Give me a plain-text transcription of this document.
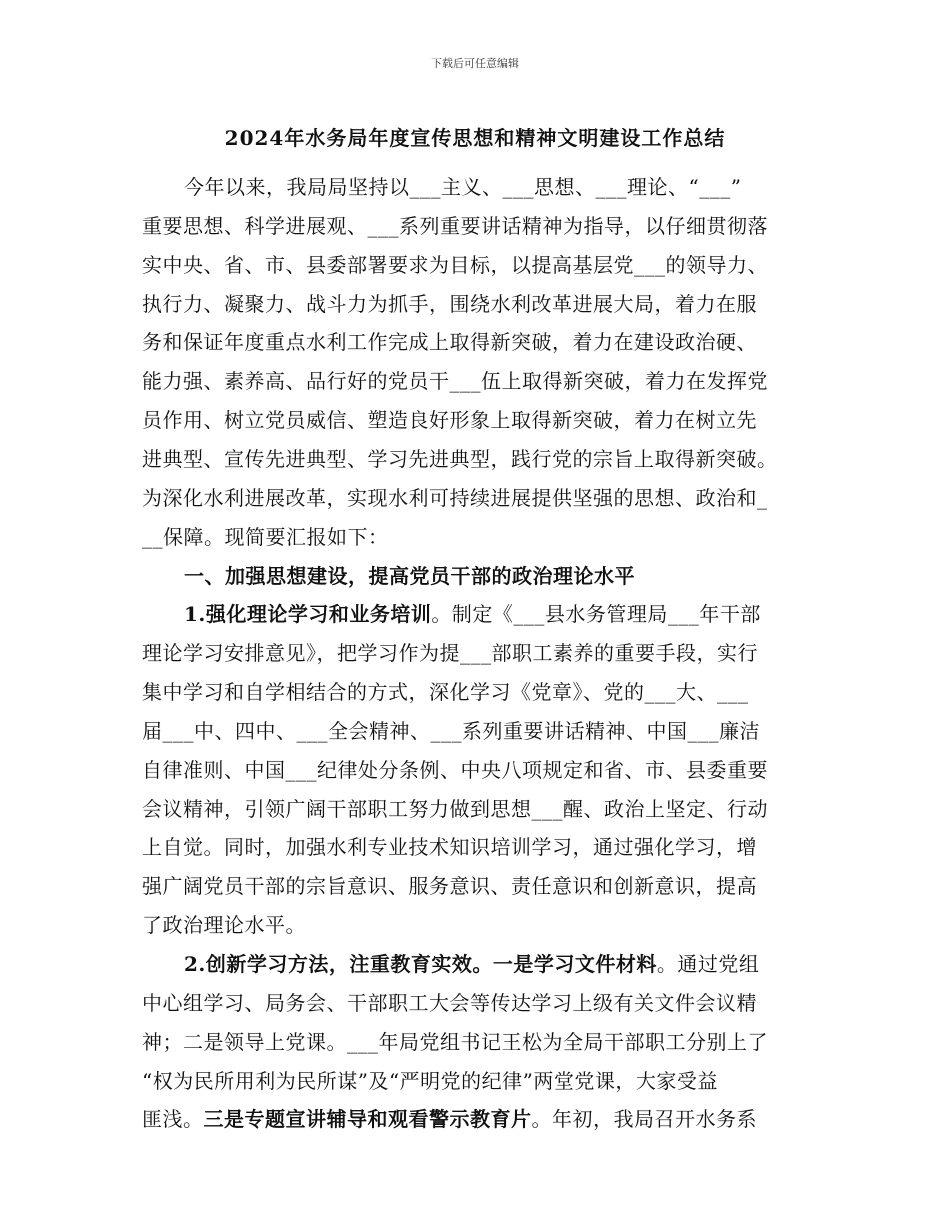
下载后可任意编辑
2024年水务局年度宣传思想和精神文明建设工作总结
今年以来，我局局坚持以___主义、___思想、___理论、“___”
重要思想、科学进展观、___系列重要讲话精神为指导，以仔细贯彻落
实中央、省、市、县委部署要求为目标，以提高基层党___的领导力、
执行力、凝聚力、战斗力为抓手，围绕水利改革进展大局，着力在服
务和保证年度重点水利工作完成上取得新突破，着力在建设政治硬、
能力强、素养高、品行好的党员干___伍上取得新突破，着力在发挥党
员作用、树立党员威信、塑造良好形象上取得新突破，着力在树立先
进典型、宣传先进典型、学习先进典型，践行党的宗旨上取得新突破。
为深化水利进展改革，实现水利可持续进展提供坚强的思想、政治和_
__保障。现简要汇报如下：
一、加强思想建设，提高党员干部的政治理论水平
1.强化理论学习和业务培训。制定《___县水务管理局___年干部
理论学习安排意见》，把学习作为提___部职工素养的重要手段，实行
集中学习和自学相结合的方式，深化学习《党章》、党的___大、___
届___中、四中、___全会精神、___系列重要讲话精神、中国___廉洁
自律准则、中国___纪律处分条例、中央八项规定和省、市、县委重要
会议精神，引领广阔干部职工努力做到思想___醒、政治上坚定、行动
上自觉。同时，加强水利专业技术知识培训学习，通过强化学习，增
强广阔党员干部的宗旨意识、服务意识、责任意识和创新意识，提高
了政治理论水平。
2.创新学习方法，注重教育实效。一是学习文件材料。通过党组
中心组学习、局务会、干部职工大会等传达学习上级有关文件会议精
神；二是领导上党课。___年局党组书记王松为全局干部职工分别上了
“权为民所用利为民所谋”及“严明党的纪律”两堂党课，大家受益
匪浅。三是专题宣讲辅导和观看警示教育片。年初，我局召开水务系
